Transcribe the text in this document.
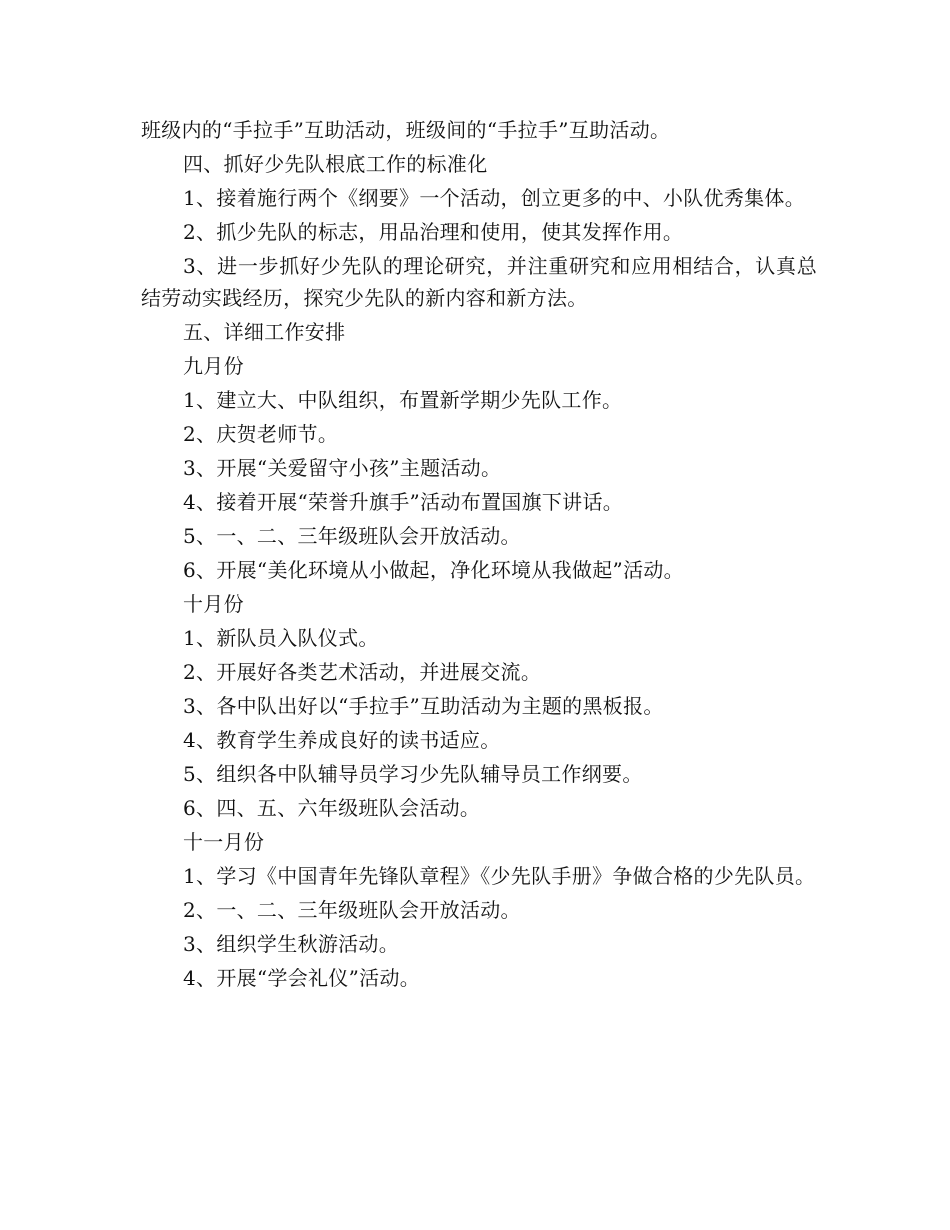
班级内的“手拉手”互助活动，班级间的“手拉手”互助活动。

四、抓好少先队根底工作的标准化

1、接着施行两个《纲要》一个活动，创立更多的中、小队优秀集体。

2、抓少先队的标志，用品治理和使用，使其发挥作用。

3、进一步抓好少先队的理论研究，并注重研究和应用相结合，认真总结劳动实践经历，探究少先队的新内容和新方法。

五、详细工作安排

九月份

1、建立大、中队组织，布置新学期少先队工作。

2、庆贺老师节。

3、开展“关爱留守小孩”主题活动。

4、接着开展“荣誉升旗手”活动布置国旗下讲话。

5、一、二、三年级班队会开放活动。

6、开展“美化环境从小做起，净化环境从我做起”活动。

十月份

1、新队员入队仪式。

2、开展好各类艺术活动，并进展交流。

3、各中队出好以“手拉手”互助活动为主题的黑板报。

4、教育学生养成良好的读书适应。

5、组织各中队辅导员学习少先队辅导员工作纲要。

6、四、五、六年级班队会活动。

十一月份

1、学习《中国青年先锋队章程》《少先队手册》争做合格的少先队员。

2、一、二、三年级班队会开放活动。

3、组织学生秋游活动。

4、开展“学会礼仪”活动。
